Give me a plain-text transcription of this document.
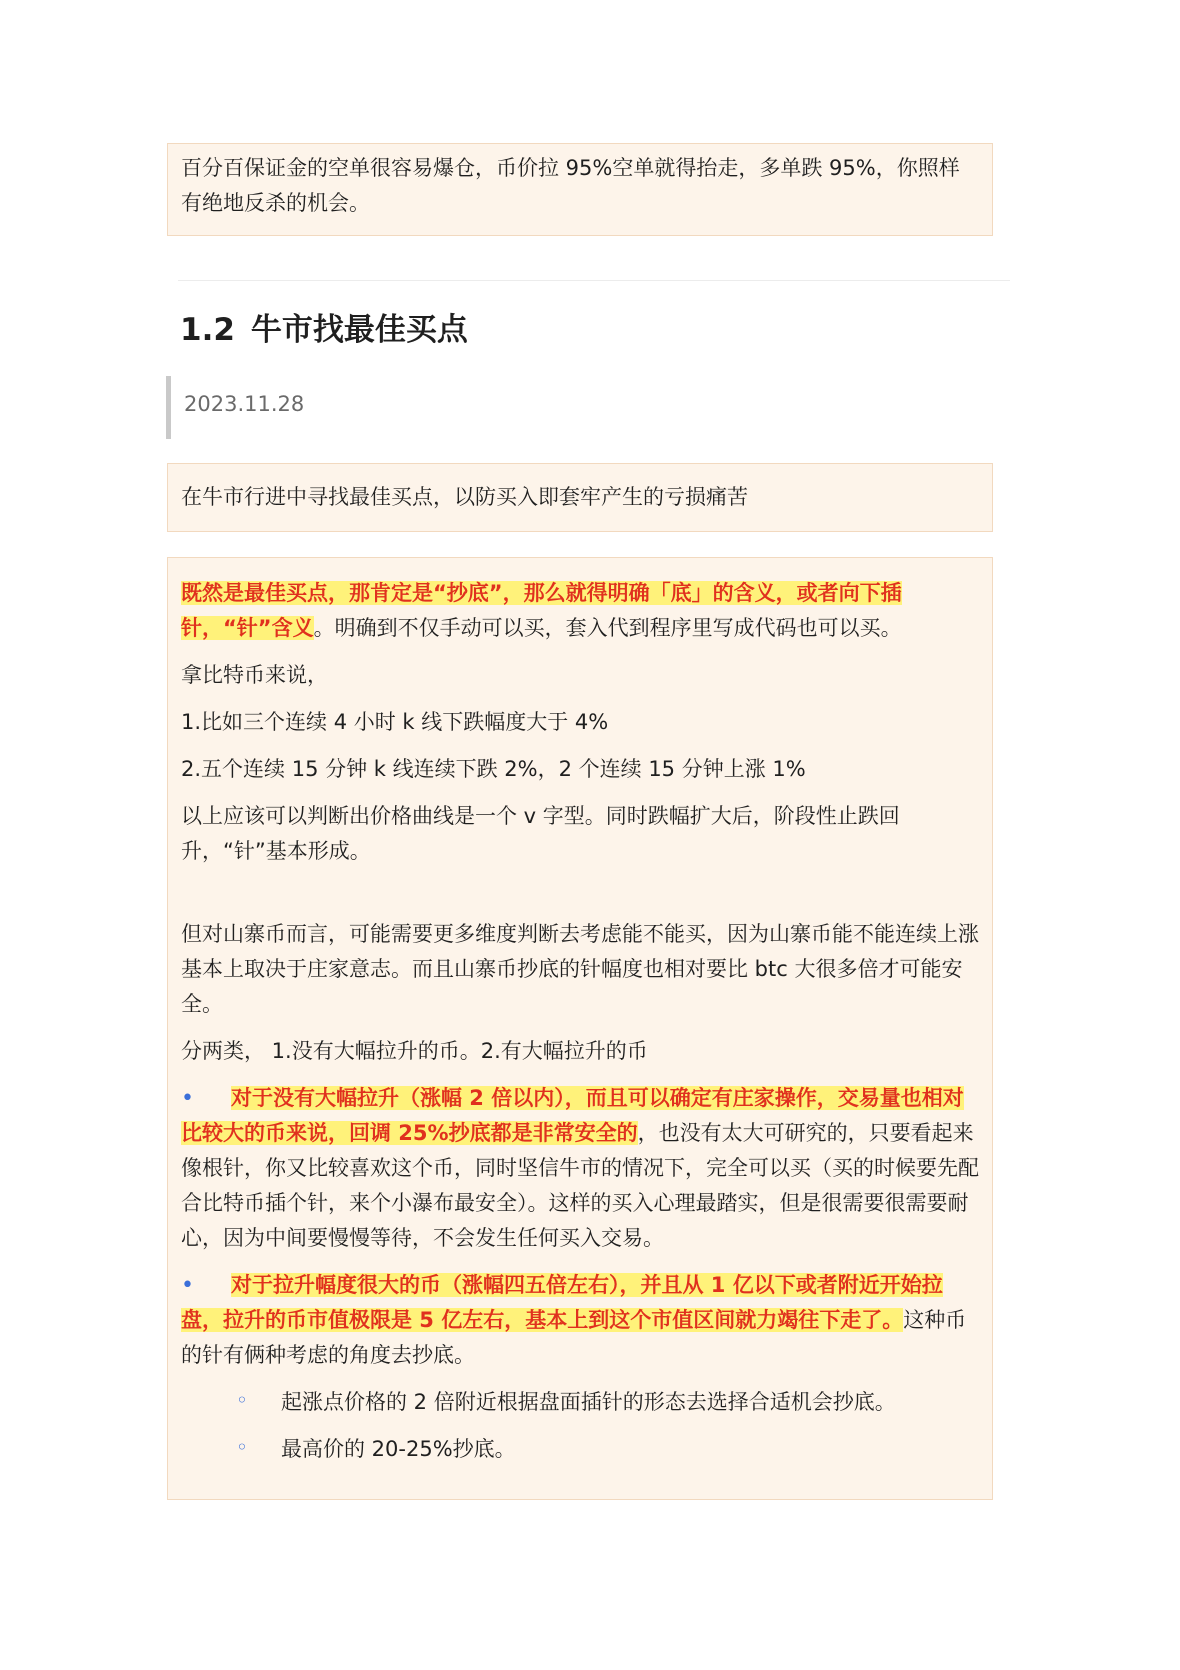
百分百保证金的空单很容易爆仓，币价拉 95%空单就得抬走，多单跌 95%，你照样有绝地反杀的机会。

1.2 牛市找最佳买点
2023.11.28

在牛市行进中寻找最佳买点，以防买入即套牢产生的亏损痛苦

既然是最佳买点，那肯定是“抄底”，那么就得明确「底」的含义，或者向下插针，“针”含义。明确到不仅手动可以买，套入代到程序里写成代码也可以买。

拿比特币来说，

1.比如三个连续 4 小时 k 线下跌幅度大于 4%

2.五个连续 15 分钟 k 线连续下跌 2%，2 个连续 15 分钟上涨 1%

以上应该可以判断出价格曲线是一个 v 字型。同时跌幅扩大后，阶段性止跌回升，“针”基本形成。

但对山寨币而言，可能需要更多维度判断去考虑能不能买，因为山寨币能不能连续上涨基本上取决于庄家意志。而且山寨币抄底的针幅度也相对要比 btc 大很多倍才可能安全。

分两类， 1.没有大幅拉升的币。2.有大幅拉升的币

• 对于没有大幅拉升（涨幅 2 倍以内），而且可以确定有庄家操作，交易量也相对比较大的币来说，回调 25%抄底都是非常安全的，也没有太大可研究的，只要看起来像根针，你又比较喜欢这个币，同时坚信牛市的情况下，完全可以买（买的时候要先配合比特币插个针，来个小瀑布最安全）。这样的买入心理最踏实，但是很需要很需要耐心，因为中间要慢慢等待，不会发生任何买入交易。
• 对于拉升幅度很大的币（涨幅四五倍左右），并且从 1 亿以下或者附近开始拉盘，拉升的币市值极限是 5 亿左右，基本上到这个市值区间就力竭往下走了。这种币的针有俩种考虑的角度去抄底。
◦ 起涨点价格的 2 倍附近根据盘面插针的形态去选择合适机会抄底。
◦ 最高价的 20-25%抄底。
